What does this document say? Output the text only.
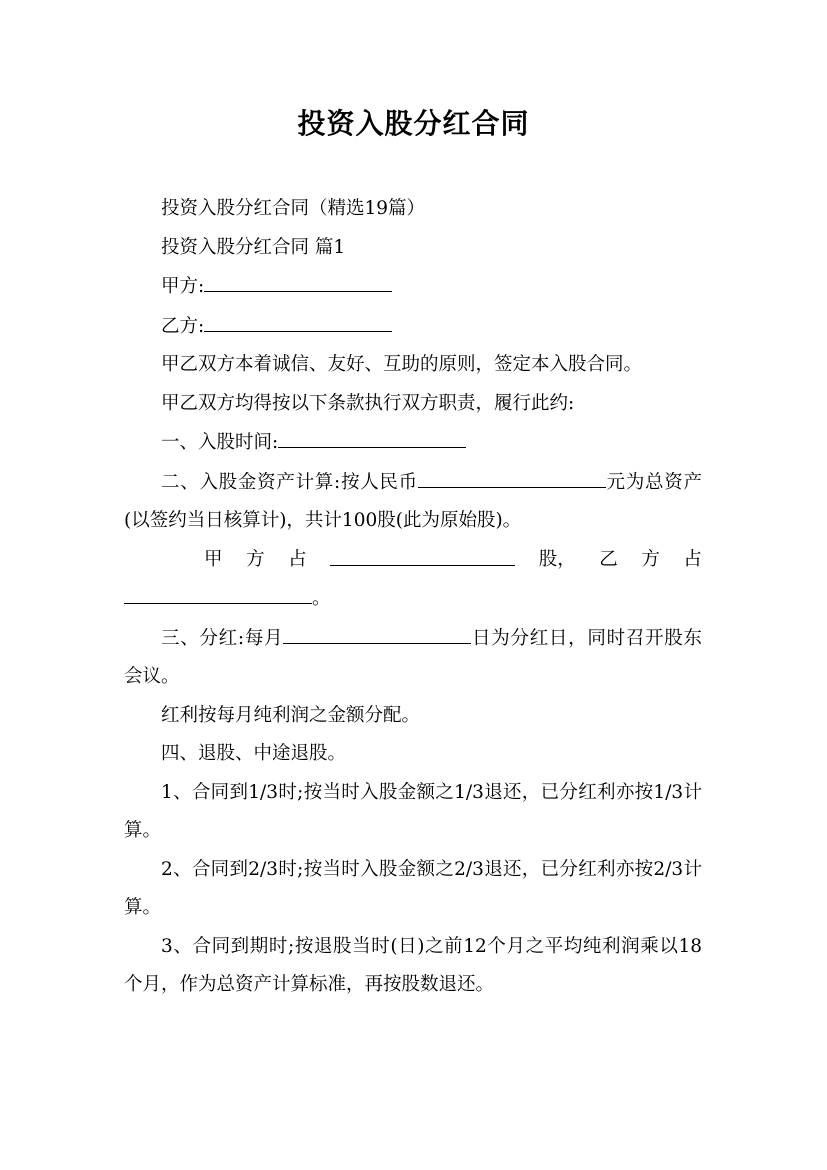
投资入股分红合同

投资入股分红合同（精选19篇）

投资入股分红合同 篇1

甲方:

乙方:

甲乙双方本着诚信、友好、互助的原则，签定本入股合同。

甲乙双方均得按以下条款执行双方职责，履行此约:

一、入股时间:

二、入股金资产计算:按人民币	元为总资产(以签约当日核算计)，共计100股(此为原始股)。

甲 方 占	股， 乙 方 占

。

三、分红:每月	日为分红日，同时召开股东会议。

红利按每月纯利润之金额分配。

四、退股、中途退股。

1、合同到1/3时;按当时入股金额之1/3退还，已分红利亦按1/3计算。

2、合同到2/3时;按当时入股金额之2/3退还，已分红利亦按2/3计算。

3、合同到期时;按退股当时(日)之前12个月之平均纯利润乘以18个月，作为总资产计算标准，再按股数退还。
